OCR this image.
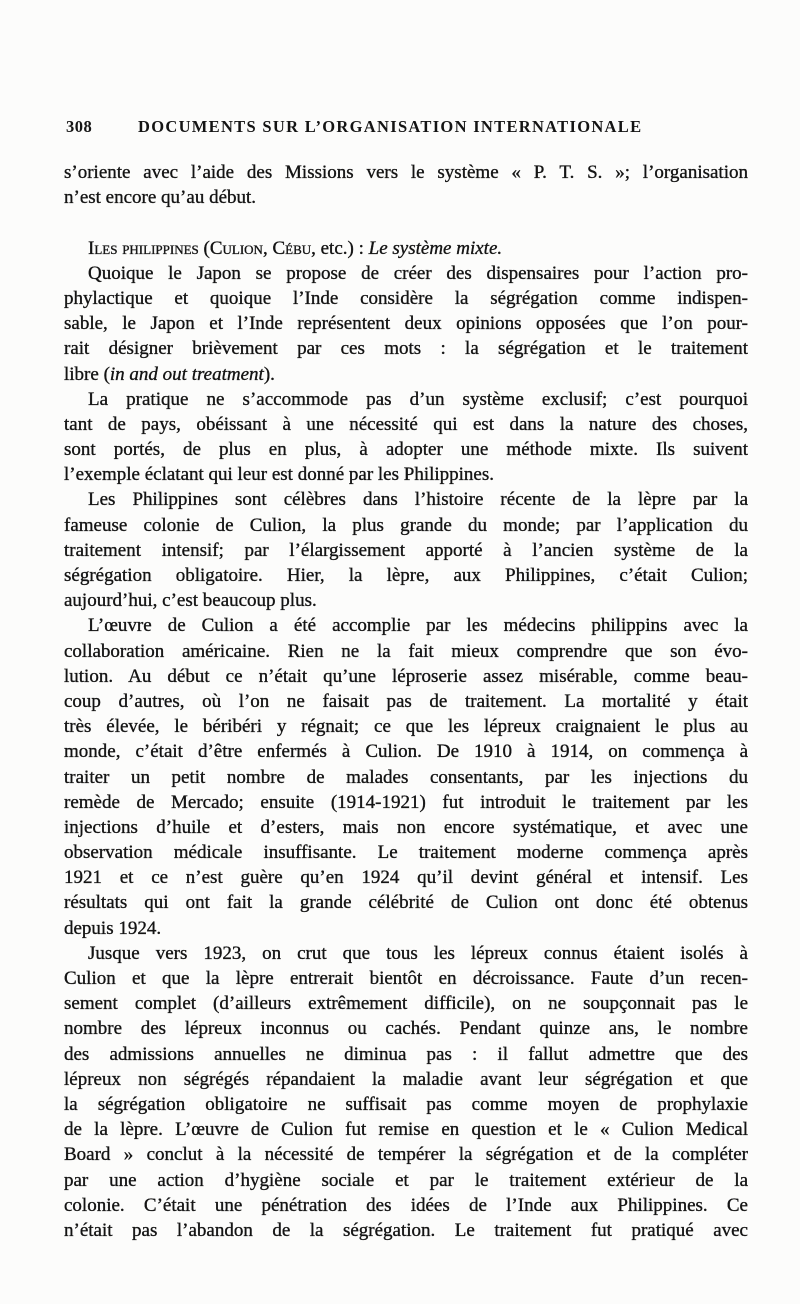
308	DOCUMENTS SUR L’ORGANISATION INTERNATIONALE
s’oriente avec l’aide des Missions vers le système « P. T. S. »; l’organisation
n’est encore qu’au début.
Iles philippines (Culion, Cébu, etc.) : Le système mixte.
Quoique le Japon se propose de créer des dispensaires pour l’action pro-
phylactique et quoique l’Inde considère la ségrégation comme indispen-
sable, le Japon et l’Inde représentent deux opinions opposées que l’on pour-
rait désigner brièvement par ces mots : la ségrégation et le traitement
libre (in and out treatment).
La pratique ne s’accommode pas d’un système exclusif; c’est pourquoi
tant de pays, obéissant à une nécessité qui est dans la nature des choses,
sont portés, de plus en plus, à adopter une méthode mixte. Ils suivent
l’exemple éclatant qui leur est donné par les Philippines.
Les Philippines sont célèbres dans l’histoire récente de la lèpre par la
fameuse colonie de Culion, la plus grande du monde; par l’application du
traitement intensif; par l’élargissement apporté à l’ancien système de la
ségrégation obligatoire. Hier, la lèpre, aux Philippines, c’était Culion;
aujourd’hui, c’est beaucoup plus.
L’œuvre de Culion a été accomplie par les médecins philippins avec la
collaboration américaine. Rien ne la fait mieux comprendre que son évo-
lution. Au début ce n’était qu’une léproserie assez misérable, comme beau-
coup d’autres, où l’on ne faisait pas de traitement. La mortalité y était
très élevée, le béribéri y régnait; ce que les lépreux craignaient le plus au
monde, c’était d’être enfermés à Culion. De 1910 à 1914, on commença à
traiter un petit nombre de malades consentants, par les injections du
remède de Mercado; ensuite (1914-1921) fut introduit le traitement par les
injections d’huile et d’esters, mais non encore systématique, et avec une
observation médicale insuffisante. Le traitement moderne commença après
1921 et ce n’est guère qu’en 1924 qu’il devint général et intensif. Les
résultats qui ont fait la grande célébrité de Culion ont donc été obtenus
depuis 1924.
Jusque vers 1923, on crut que tous les lépreux connus étaient isolés à
Culion et que la lèpre entrerait bientôt en décroissance. Faute d’un recen-
sement complet (d’ailleurs extrêmement difficile), on ne soupçonnait pas le
nombre des lépreux inconnus ou cachés. Pendant quinze ans, le nombre
des admissions annuelles ne diminua pas : il fallut admettre que des
lépreux non ségrégés répandaient la maladie avant leur ségrégation et que
la ségrégation obligatoire ne suffisait pas comme moyen de prophylaxie
de la lèpre. L’œuvre de Culion fut remise en question et le « Culion Medical
Board » conclut à la nécessité de tempérer la ségrégation et de la compléter
par une action d’hygiène sociale et par le traitement extérieur de la
colonie. C’était une pénétration des idées de l’Inde aux Philippines. Ce
n’était pas l’abandon de la ségrégation. Le traitement fut pratiqué avec
